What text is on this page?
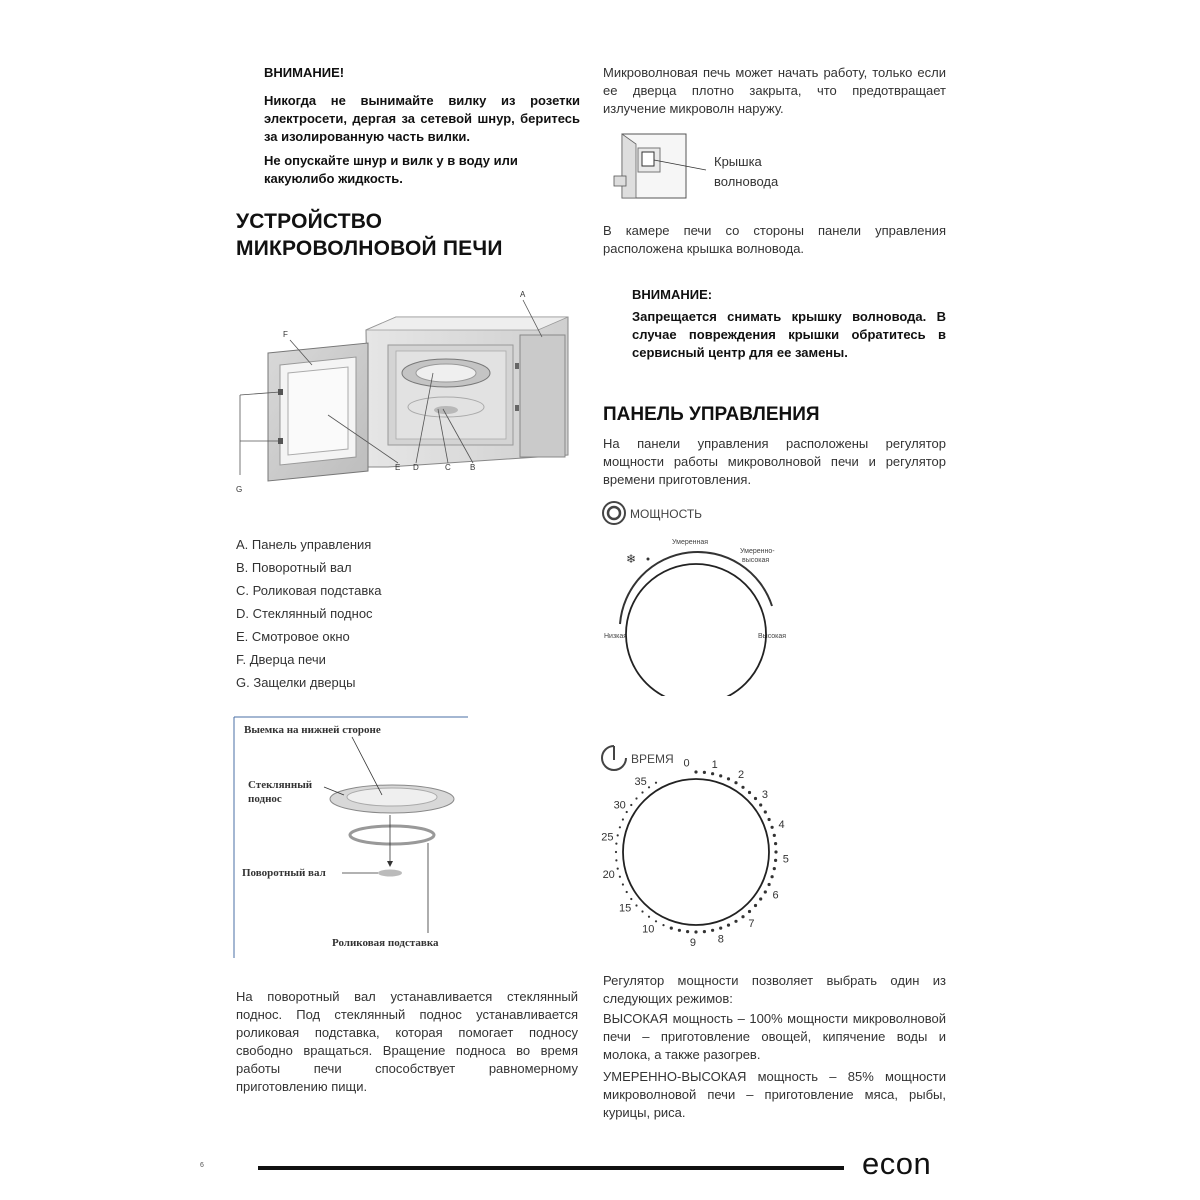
ВНИМАНИЕ!

Никогда не вынимайте вилку из розетки электросети, дергая за сетевой шнур, беритесь за изолированную часть вилки.

Не опускайте шнур и вилк у в воду или какуюлибо жидкость.

УСТРОЙСТВО
МИКРОВОЛНОВОЙ ПЕЧИ
A
F
G
E D	C B
A. Панель управления
B. Поворотный вал
C. Роликовая подставка
D. Стеклянный поднос
E. Смотровое окно
F. Дверца печи
G. Защелки дверцы
Выемка на нижней стороне
Стеклянный
поднос
Поворотный вал
Роликовая подставка
На поворотный вал устанавливается стеклянный поднос. Под стеклянный поднос устанавливается роликовая подставка, которая помогает подносу свободно вращаться. Вращение подноса во время работы печи способствует равномерному приготовлению пищи.
Микроволновая печь может начать работу, только если ее дверца плотно закрыта, что предотвращает излучение микроволн наружу.
Крышка
волновода
В камере печи со стороны панели управления расположена крышка волновода.
ВНИМАНИЕ:
Запрещается снимать крышку волновода. В случае повреждения крышки обратитесь в сервисный центр для ее замены.
ПАНЕЛЬ УПРАВЛЕНИЯ
На панели управления расположены регулятор мощности работы микроволновой печи и регулятор времени приготовления.
МОЩНОСТЬ
❄
Умеренная
Умеренно-
высокая
Низкая	Высокая
ВРЕМЯ 0 1
2
3
4
5
6
7
8
9
10
15
20
25
30
35
Регулятор мощности позволяет выбрать один из следующих режимов:
ВЫСОКАЯ мощность – 100% мощности микроволновой печи – приготовление овощей, кипячение воды и молока, а также разогрев.
УМЕРЕННО-ВЫСОКАЯ мощность – 85% мощности микроволновой печи – приготовление мяса, рыбы, курицы, риса.
6	econ
